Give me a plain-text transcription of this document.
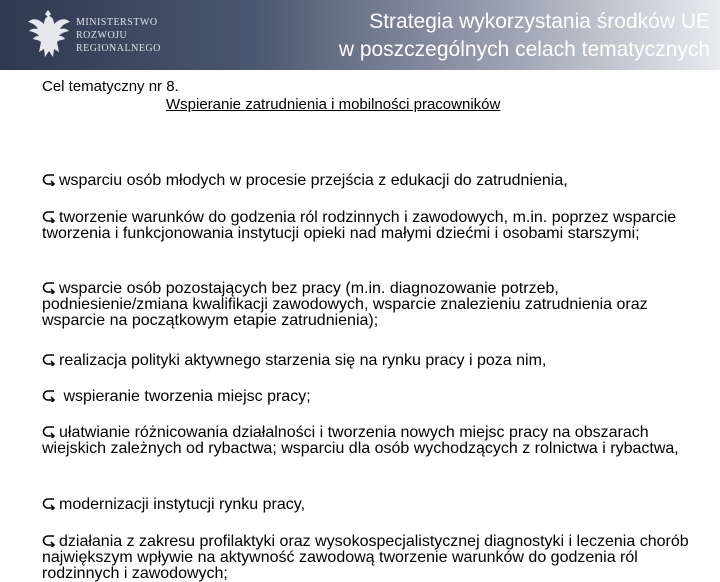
MINISTERSTWO
ROZWOJU
REGIONALNEGO
Strategia wykorzystania środków UE
w poszczególnych celach tematycznych
Cel tematyczny nr 8.
Wspieranie zatrudnienia i mobilności pracowników
wsparciu osób młodych w procesie przejścia z edukacji do zatrudnienia,
tworzenie warunków do godzenia ról rodzinnych i zawodowych, m.in. poprzez wsparcie tworzenia i funkcjonowania instytucji opieki nad małymi dziećmi i osobami starszymi;
wsparcie osób pozostających bez pracy (m.in. diagnozowanie potrzeb, podniesienie/zmiana kwalifikacji zawodowych, wsparcie znalezieniu zatrudnienia oraz wsparcie na początkowym etapie zatrudnienia);
realizacja polityki aktywnego starzenia się na rynku pracy i poza nim,
wspieranie tworzenia miejsc pracy;
ułatwianie różnicowania działalności i tworzenia nowych miejsc pracy na obszarach wiejskich zależnych od rybactwa; wsparciu dla osób wychodzących z rolnictwa i rybactwa,
modernizacji instytucji rynku pracy,
działania z zakresu profilaktyki oraz wysokospecjalistycznej diagnostyki i leczenia chorób największym wpływie na aktywność zawodową tworzenie warunków do godzenia ról rodzinnych i zawodowych;
